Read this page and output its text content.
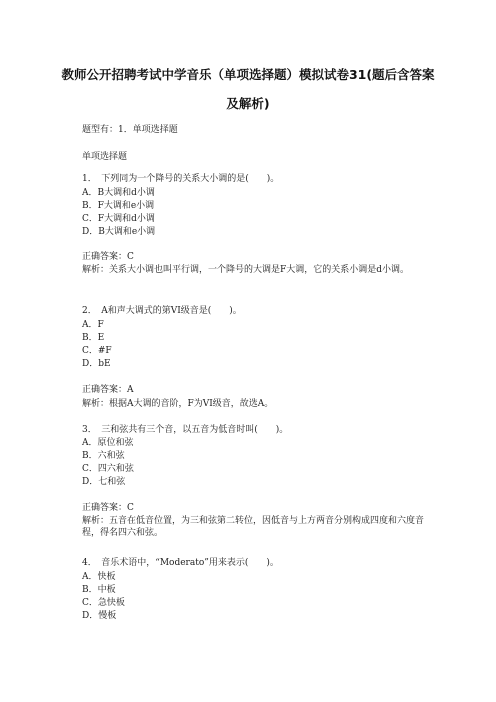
教师公开招聘考试中学音乐（单项选择题）模拟试卷31(题后含答案
及解析)
题型有：1．单项选择题
单项选择题
1．　下列同为一个降号的关系大小调的是(　　)。
A．B大调和d小调
B．F大调和e小调
C．F大调和d小调
D．B大调和e小调
正确答案：C
解析：关系大小调也叫平行调，一个降号的大调是F大调，它的关系小调是d小调。
2．　A和声大调式的第VI级音是(　　)。
A．F
B．E
C．#F
D．bE
正确答案：A
解析：根据A大调的音阶，F为VI级音，故选A。
3．　三和弦共有三个音，以五音为低音时叫(　　)。
A．原位和弦
B．六和弦
C．四六和弦
D．七和弦
正确答案：C
解析：五音在低音位置，为三和弦第二转位，因低音与上方两音分别构成四度和六度音程，得名四六和弦。
4．　音乐术语中，“Moderato”用来表示(　　)。
A．快板
B．中板
C．急快板
D．慢板
